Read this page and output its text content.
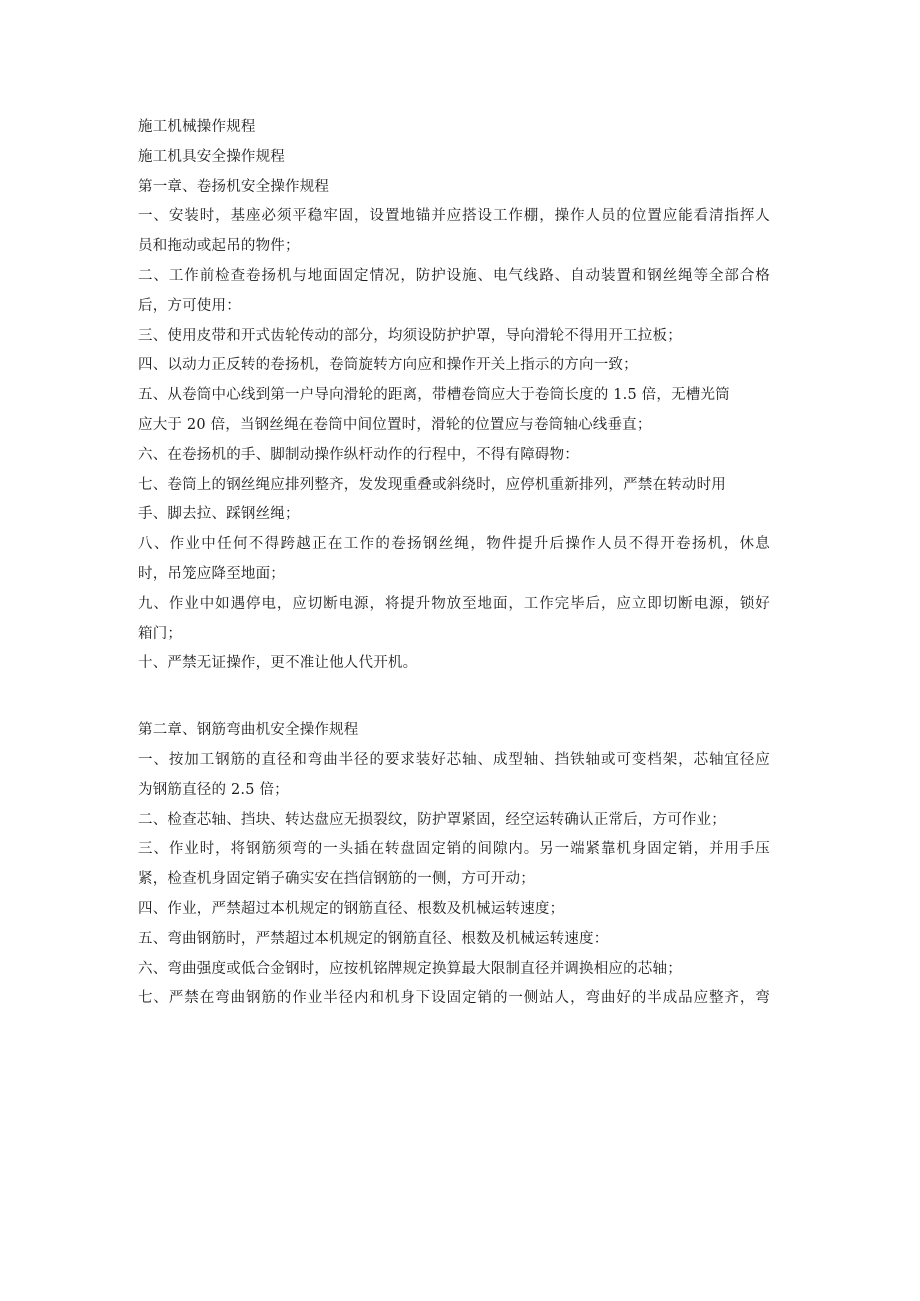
施工机械操作规程

施工机具安全操作规程

第一章、卷扬机安全操作规程

一、安装时，基座必须平稳牢固，设置地锚并应搭设工作棚，操作人员的位置应能看清指挥人

员和拖动或起吊的物件；

二、工作前检查卷扬机与地面固定情况，防护设施、电气线路、自动装置和钢丝绳等全部合格

后，方可使用：

三、使用皮带和开式齿轮传动的部分，均须设防护护罩，导向滑轮不得用开工拉板；

四、以动力正反转的卷扬机，卷筒旋转方向应和操作开关上指示的方向一致；

五、从卷筒中心线到第一户导向滑轮的距离，带槽卷筒应大于卷筒长度的 1.5 倍，无槽光筒

应大于 20 倍，当钢丝绳在卷筒中间位置时，滑轮的位置应与卷筒轴心线垂直；

六、在卷扬机的手、脚制动操作纵杆动作的行程中，不得有障碍物：

七、卷筒上的钢丝绳应排列整齐，发发现重叠或斜绕时，应停机重新排列，严禁在转动时用

手、脚去拉、踩钢丝绳；

八、作业中任何不得跨越正在工作的卷扬钢丝绳，物件提升后操作人员不得开卷扬机，休息

时，吊笼应降至地面；

九、作业中如遇停电，应切断电源，将提升物放至地面，工作完毕后，应立即切断电源，锁好

箱门；

十、严禁无证操作，更不准让他人代开机。

第二章、钢筋弯曲机安全操作规程

一、按加工钢筋的直径和弯曲半径的要求装好芯轴、成型轴、挡铁轴或可变档架，芯轴宜径应

为钢筋直径的 2.5 倍；

二、检查芯轴、挡块、转达盘应无损裂纹，防护罩紧固，经空运转确认正常后，方可作业；

三、作业时，将钢筋须弯的一头插在转盘固定销的间隙内。另一端紧靠机身固定销，并用手压

紧，检查机身固定销子确实安在挡信钢筋的一侧，方可开动；

四、作业，严禁超过本机规定的钢筋直径、根数及机械运转速度；

五、弯曲钢筋时，严禁超过本机规定的钢筋直径、根数及机械运转速度：

六、弯曲强度或低合金钢时，应按机铭牌规定换算最大限制直径并调换相应的芯轴；

七、严禁在弯曲钢筋的作业半径内和机身下设固定销的一侧站人，弯曲好的半成品应整齐，弯
